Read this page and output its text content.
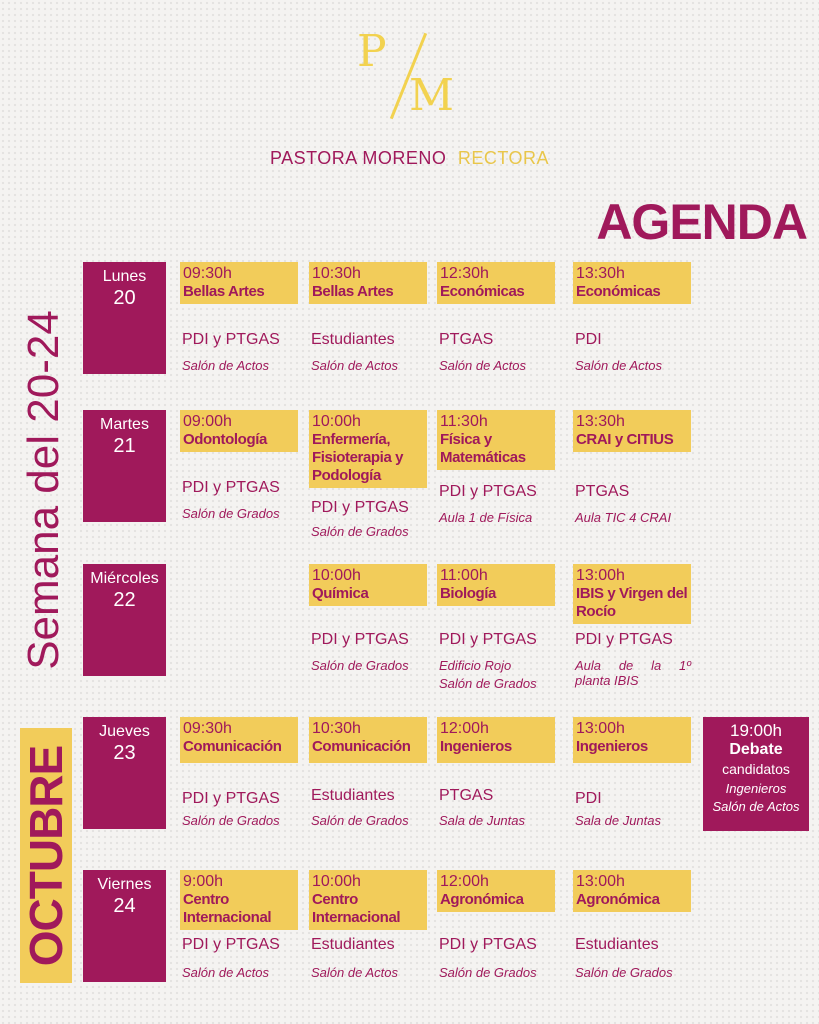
P
M
PASTORA MORENO RECTORA
AGENDA
Semana del 20-24
OCTUBRE
Lunes
20
09:30h
Bellas Artes
PDI y PTGAS
Salón de Actos
10:30h
Bellas Artes
Estudiantes
Salón de Actos
12:30h
Económicas
PTGAS
Salón de Actos
13:30h
Económicas
PDI
Salón de Actos
Martes
21
09:00h
Odontología
PDI y PTGAS
Salón de Grados
10:00h
Enfermería, Fisioterapia y Podología
PDI y PTGAS
Salón de Grados
11:30h
Física y Matemáticas
PDI y PTGAS
Aula 1 de Física
13:30h
CRAI y CITIUS
PTGAS
Aula TIC 4 CRAI
Miércoles
22
10:00h
Química
PDI y PTGAS
Salón de Grados
11:00h
Biología
PDI y PTGAS
Edificio Rojo
Salón de Grados
13:00h
IBIS y Virgen del Rocío
PDI y PTGAS
Aula de la 1º
planta IBIS
Jueves
23
09:30h
Comunicación
PDI y PTGAS
Salón de Grados
10:30h
Comunicación
Estudiantes
Salón de Grados
12:00h
Ingenieros
PTGAS
Sala de Juntas
13:00h
Ingenieros
PDI
Sala de Juntas
19:00h
Debate
candidatos
Ingenieros
Salón de Actos
Viernes
24
9:00h
Centro Internacional
PDI y PTGAS
Salón de Actos
10:00h
Centro Internacional
Estudiantes
Salón de Actos
12:00h
Agronómica
PDI y PTGAS
Salón de Grados
13:00h
Agronómica
Estudiantes
Salón de Grados
